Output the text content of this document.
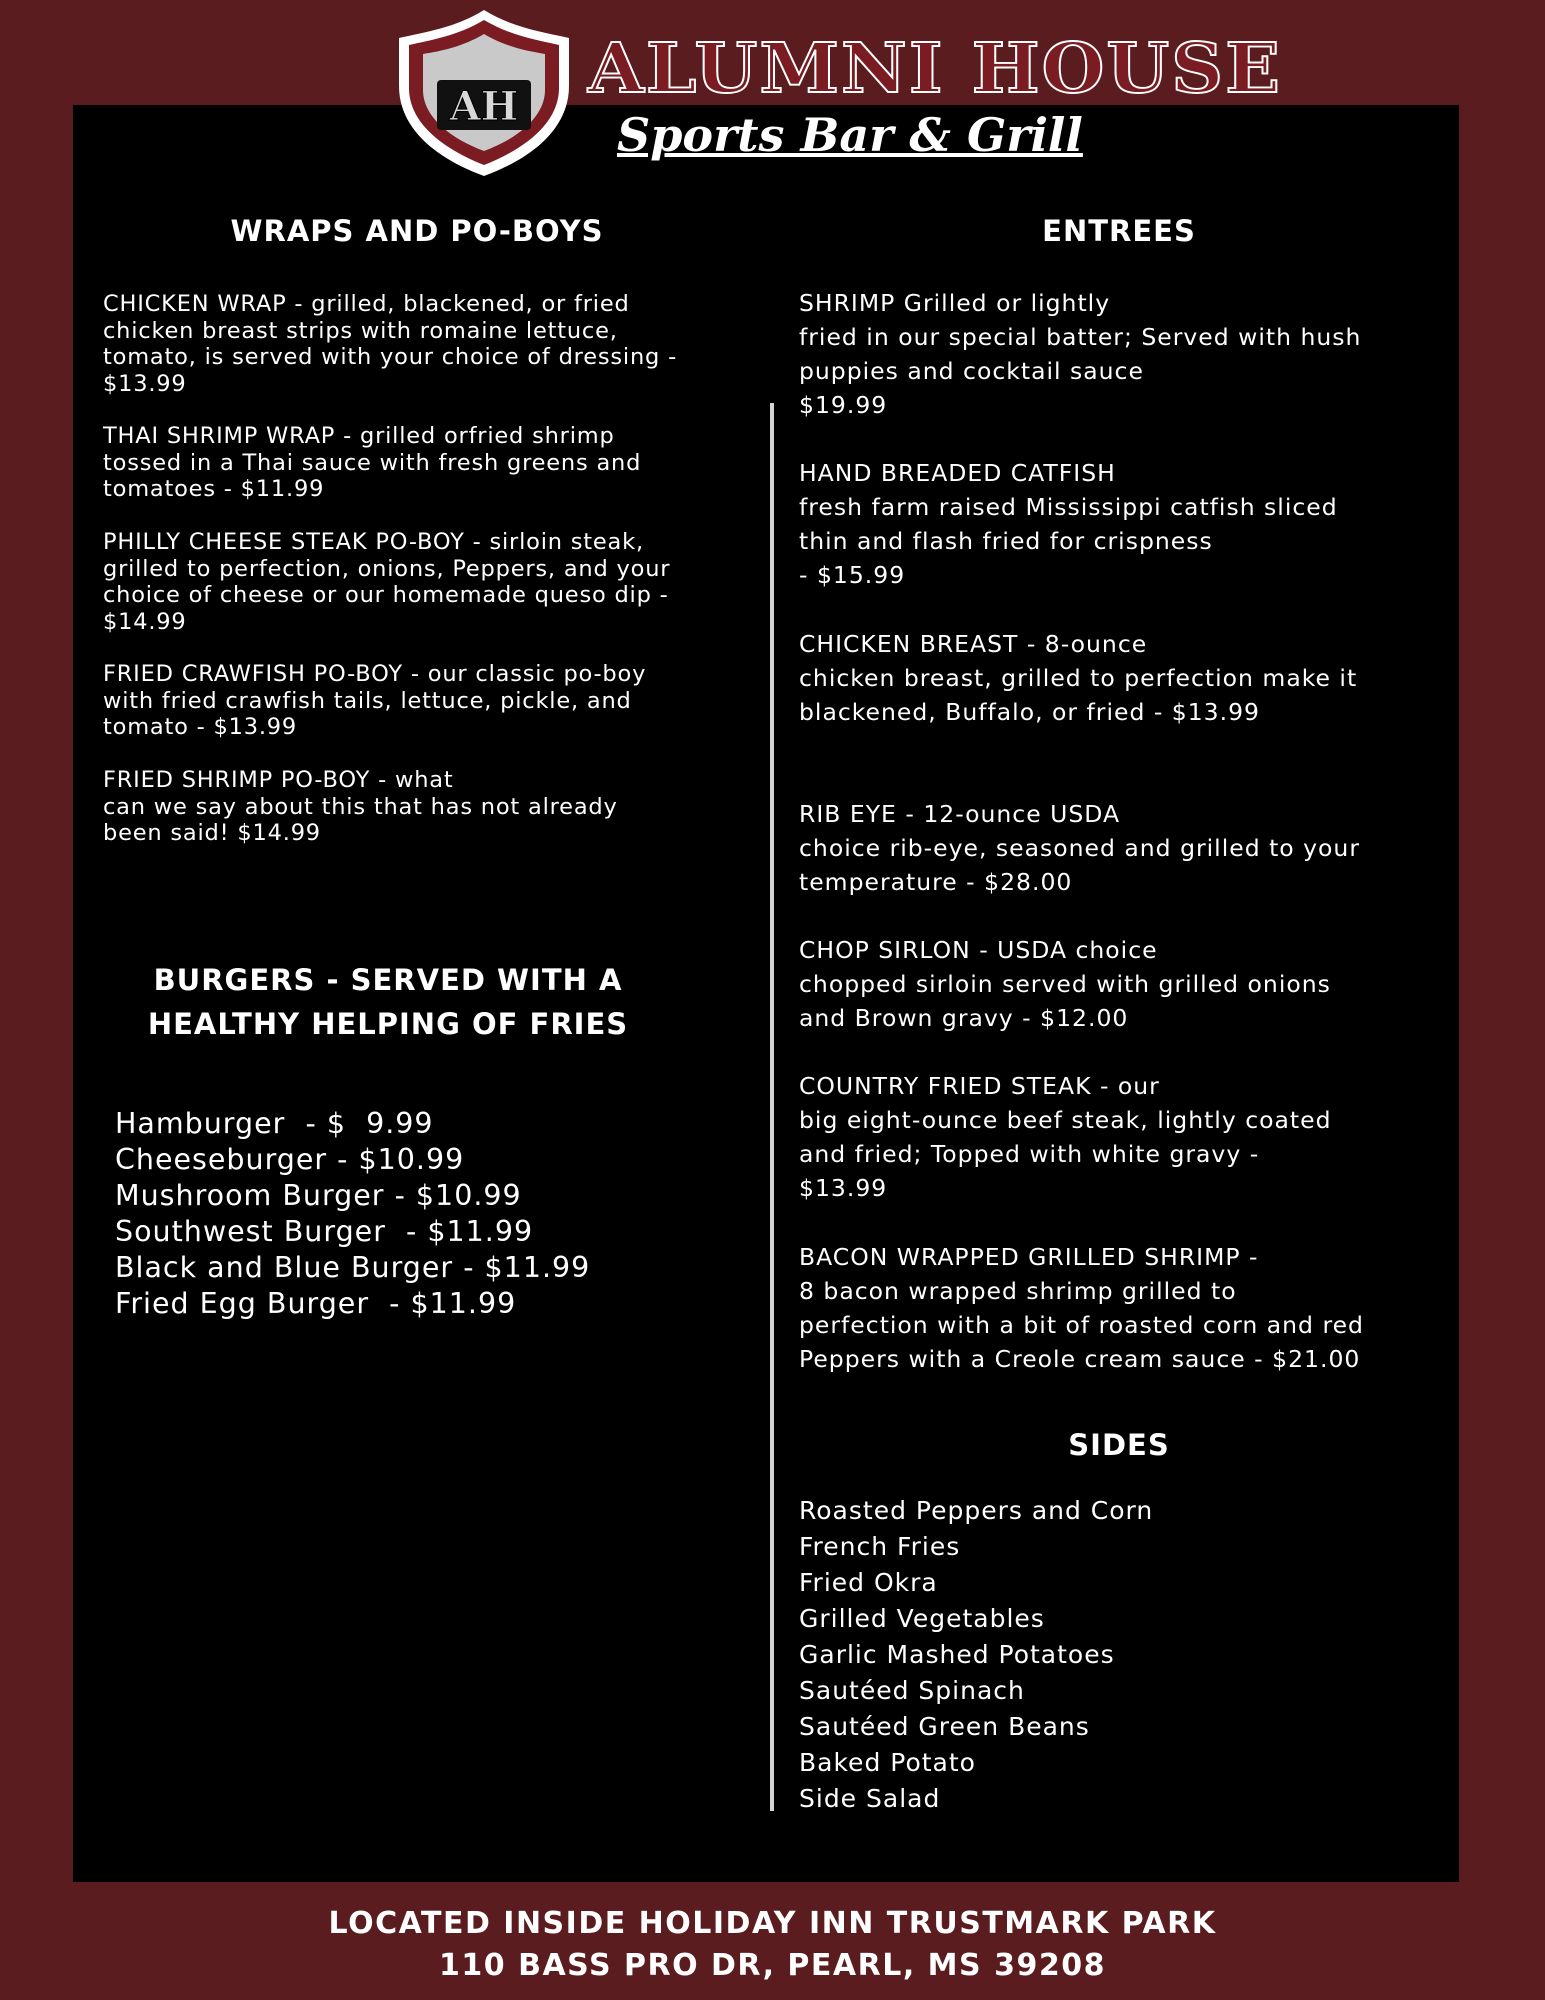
AH ALUMNI HOUSE
Sports Bar & Grill
WRAPS AND PO-BOYS

CHICKEN WRAP - grilled, blackened, or fried
chicken breast strips with romaine lettuce,
tomato, is served with your choice of dressing -
$13.99

THAI SHRIMP WRAP - grilled orfried shrimp
tossed in a Thai sauce with fresh greens and
tomatoes - $11.99

PHILLY CHEESE STEAK PO-BOY - sirloin steak,
grilled to perfection, onions, Peppers, and your
choice of cheese or our homemade queso dip -
$14.99

FRIED CRAWFISH PO-BOY - our classic po-boy
with fried crawfish tails, lettuce, pickle, and
tomato - $13.99

FRIED SHRIMP PO-BOY - what
can we say about this that has not already
been said! $14.99

BURGERS - SERVED WITH A
HEALTHY HELPING OF FRIES
Hamburger  - $  9.99
Cheeseburger - $10.99
Mushroom Burger - $10.99
Southwest Burger  - $11.99
Black and Blue Burger - $11.99
Fried Egg Burger  - $11.99
ENTREES

SHRIMP Grilled or lightly
fried in our special batter; Served with hush
puppies and cocktail sauce
$19.99

HAND BREADED CATFISH
fresh farm raised Mississippi catfish sliced
thin and flash fried for crispness
- $15.99

CHICKEN BREAST - 8-ounce
chicken breast, grilled to perfection make it
blackened, Buffalo, or fried - $13.99

RIB EYE - 12-ounce USDA
choice rib-eye, seasoned and grilled to your
temperature - $28.00

CHOP SIRLON - USDA choice
chopped sirloin served with grilled onions
and Brown gravy - $12.00

COUNTRY FRIED STEAK - our
big eight-ounce beef steak, lightly coated
and fried; Topped with white gravy -
$13.99

BACON WRAPPED GRILLED SHRIMP -
8 bacon wrapped shrimp grilled to
perfection with a bit of roasted corn and red
Peppers with a Creole cream sauce - $21.00

SIDES
Roasted Peppers and Corn
French Fries
Fried Okra
Grilled Vegetables
Garlic Mashed Potatoes
Sautéed Spinach
Sautéed Green Beans
Baked Potato
Side Salad
LOCATED INSIDE HOLIDAY INN TRUSTMARK PARK
110 BASS PRO DR, PEARL, MS 39208
